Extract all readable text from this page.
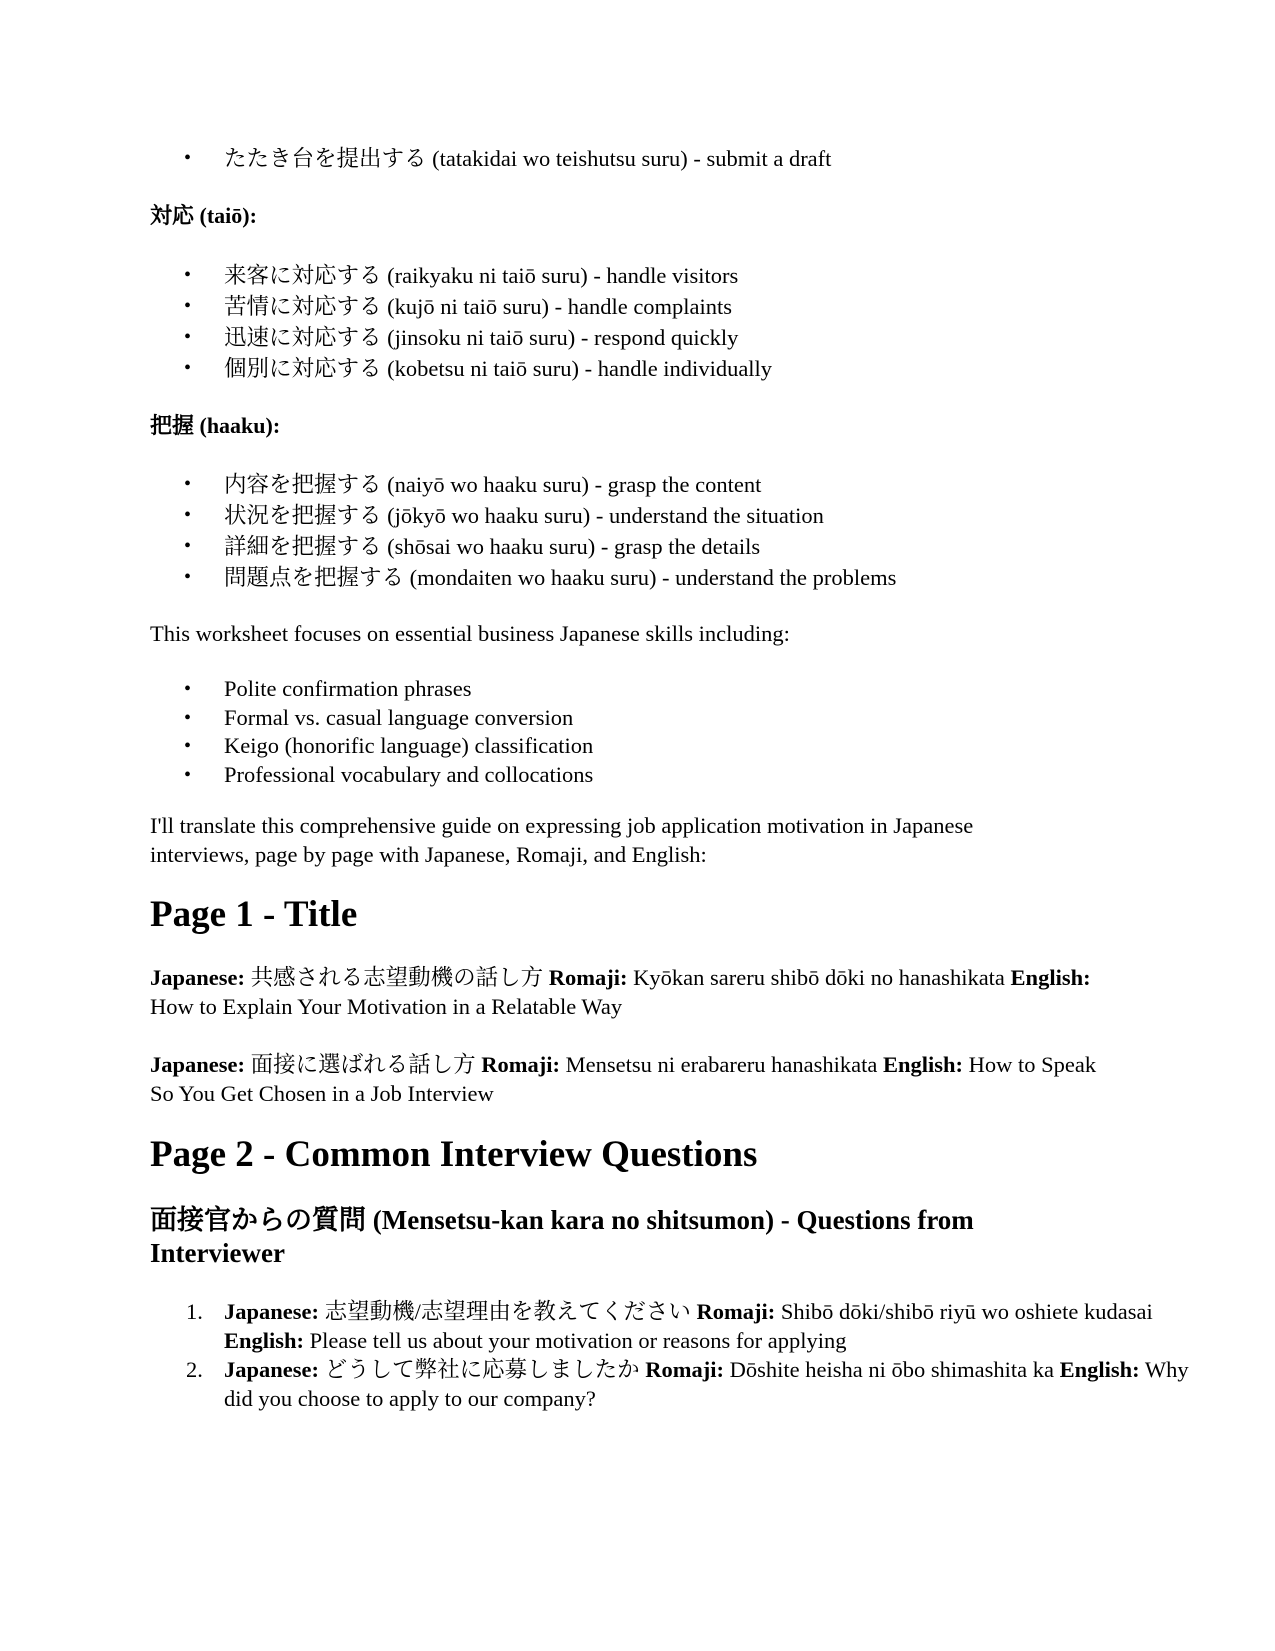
• たたき台を提出する (tatakidai wo teishutsu suru) - submit a draft
対応 (taiō):
• 来客に対応する (raikyaku ni taiō suru) - handle visitors
• 苦情に対応する (kujō ni taiō suru) - handle complaints
• 迅速に対応する (jinsoku ni taiō suru) - respond quickly
• 個別に対応する (kobetsu ni taiō suru) - handle individually
把握 (haaku):
• 内容を把握する (naiyō wo haaku suru) - grasp the content
• 状況を把握する (jōkyō wo haaku suru) - understand the situation
• 詳細を把握する (shōsai wo haaku suru) - grasp the details
• 問題点を把握する (mondaiten wo haaku suru) - understand the problems

This worksheet focuses on essential business Japanese skills including:

• Polite confirmation phrases
• Formal vs. casual language conversion
• Keigo (honorific language) classification
• Professional vocabulary and collocations

I'll translate this comprehensive guide on expressing job application motivation in Japanese interviews, page by page with Japanese, Romaji, and English:

Page 1 - Title

Japanese: 共感される志望動機の話し方 Romaji: Kyōkan sareru shibō dōki no hanashikata English: How to Explain Your Motivation in a Relatable Way

Japanese: 面接に選ばれる話し方 Romaji: Mensetsu ni erabareru hanashikata English: How to Speak So You Get Chosen in a Job Interview

Page 2 - Common Interview Questions
面接官からの質問 (Mensetsu-kan kara no shitsumon) - Questions from Interviewer
1. Japanese: 志望動機/志望理由を教えてください Romaji: Shibō dōki/shibō riyū wo oshiete kudasai English: Please tell us about your motivation or reasons for applying
2. Japanese: どうして弊社に応募しましたか Romaji: Dōshite heisha ni ōbo shimashita ka English: Why did you choose to apply to our company?
